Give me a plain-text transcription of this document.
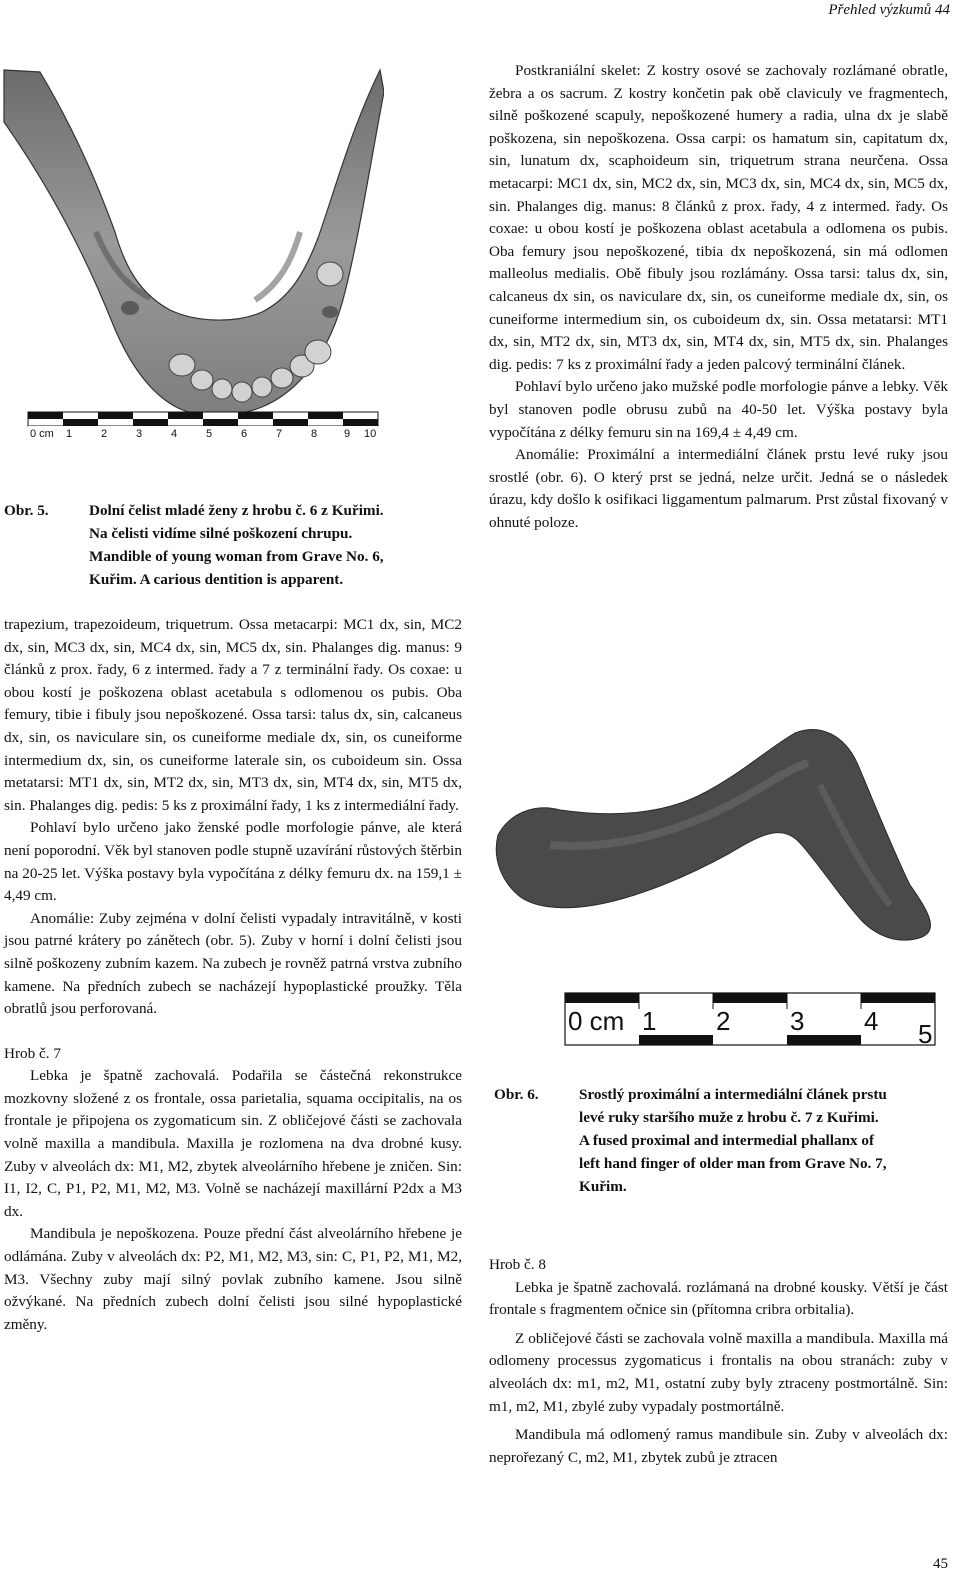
Přehled výzkumů 44
0 cm 1	2	3	4	5	6	7	8 9 10
Obr. 5.	Dolní čelist mladé ženy z hrobu č. 6 z Kuřimi.
Na čelisti vidíme silné poškození chrupu.
Mandible of young woman from Grave No. 6,
Kuřim. A carious dentition is apparent.

trapezium, trapezoideum, triquetrum. Ossa metacarpi: MC1 dx, sin, MC2 dx, sin, MC3 dx, sin, MC4 dx, sin, MC5 dx, sin. Phalanges dig. manus: 9 článků z prox. řady, 6 z intermed. řady a 7 z terminální řady. Os coxae: u obou kostí je poškozena oblast acetabula s odlomenou os pubis. Oba femury, tibie i fibuly jsou nepoškozené. Ossa tarsi: talus dx, sin, calcaneus dx, sin, os naviculare sin, os cuneiforme mediale dx, sin, os cuneiforme intermedium dx, sin, os cuneiforme laterale sin, os cuboideum sin. Ossa metatarsi: MT1 dx, sin, MT2 dx, sin, MT3 dx, sin, MT4 dx, sin, MT5 dx, sin. Phalanges dig. pedis: 5 ks z proximální řady, 1 ks z intermediální řady.

Pohlaví bylo určeno jako ženské podle morfologie pánve, ale která není poporodní. Věk byl stanoven podle stupně uzavírání růstových štěrbin na 20-25 let. Výška postavy byla vypočítána z délky femuru dx. na 159,1 ± 4,49 cm.

Anomálie: Zuby zejména v dolní čelisti vypadaly intravitálně, v kosti jsou patrné krátery po zánětech (obr. 5). Zuby v horní i dolní čelisti jsou silně poškozeny zubním kazem. Na zubech je rovněž patrná vrstva zubního kamene. Na předních zubech se nacházejí hypoplastické proužky. Těla obratlů jsou perforovaná.

Hrob č. 7

Lebka je špatně zachovalá. Podařila se částečná rekonstrukce mozkovny složené z os frontale, ossa parietalia, squama occipitalis, na os frontale je připojena os zygomaticum sin. Z obličejové části se zachovala volně maxilla a mandibula. Maxilla je rozlomena na dva drobné kusy. Zuby v alveolách dx: M1, M2, zbytek alveolárního hřebene je zničen. Sin: I1, I2, C, P1, P2, M1, M2, M3. Volně se nacházejí maxillární P2dx a M3 dx.

Mandibula je nepoškozena. Pouze přední část alveolárního hřebene je odlámána. Zuby v alveolách dx: P2, M1, M2, M3, sin: C, P1, P2, M1, M2, M3. Všechny zuby mají silný povlak zubního kamene. Jsou silně ožvýkané. Na předních zubech dolní čelisti jsou silné hypoplastické změny.

Postkraniální skelet: Z kostry osové se zachovaly rozlámané obratle, žebra a os sacrum. Z kostry končetin pak obě claviculy ve fragmentech, silně poškozené scapuly, nepoškozené humery a radia, ulna dx je slabě poškozena, sin nepoškozena. Ossa carpi: os hamatum sin, capitatum dx, sin, lunatum dx, scaphoideum sin, triquetrum strana neurčena. Ossa metacarpi: MC1 dx, sin, MC2 dx, sin, MC3 dx, sin, MC4 dx, sin, MC5 dx, sin. Phalanges dig. manus: 8 článků z prox. řady, 4 z intermed. řady. Os coxae: u obou kostí je poškozena oblast acetabula a odlomena os pubis. Oba femury jsou nepoškozené, tibia dx nepoškozená, sin má odlomen malleolus medialis. Obě fibuly jsou rozlámány. Ossa tarsi: talus dx, sin, calcaneus dx sin, os naviculare dx, sin, os cuneiforme mediale dx, sin, os cuneiforme intermedium sin, os cuboideum dx, sin. Ossa metatarsi: MT1 dx, sin, MT2 dx, sin, MT3 dx, sin, MT4 dx, sin, MT5 dx, sin. Phalanges dig. pedis: 7 ks z proximální řady a jeden palcový terminální článek.

Pohlaví bylo určeno jako mužské podle morfologie pánve a lebky. Věk byl stanoven podle obrusu zubů na 40-50 let. Výška postavy byla vypočítána z délky femuru sin na 169,4 ± 4,49 cm.

Anomálie: Proximální a intermediální článek prstu levé ruky jsou srostlé (obr. 6). O který prst se jedná, nelze určit. Jedná se o následek úrazu, kdy došlo k osifikaci liggamentum palmarum. Prst zůstal fixovaný v ohnuté poloze.

0 cm 1 2 3 4 5
Obr. 6.	Srostlý proximální a intermediální článek prstu
levé ruky staršího muže z hrobu č. 7 z Kuřimi.
A fused proximal and intermedial phallanx of
left hand finger of older man from Grave No. 7,
Kuřim.

Hrob č. 8

Lebka je špatně zachovalá. rozlámaná na drobné kousky. Větší je část frontale s fragmentem očnice sin (přítomna cribra orbitalia).

Z obličejové části se zachovala volně maxilla a mandibula. Maxilla má odlomeny processus zygomaticus i frontalis na obou stranách: zuby v alveolách dx: m1, m2, M1, ostatní zuby byly ztraceny postmortálně. Sin: m1, m2, M1, zbylé zuby vypadaly postmortálně.

Mandibula má odlomený ramus mandibule sin. Zuby v alveolách dx: neprořezaný C, m2, M1, zbytek zubů je ztracen

45
